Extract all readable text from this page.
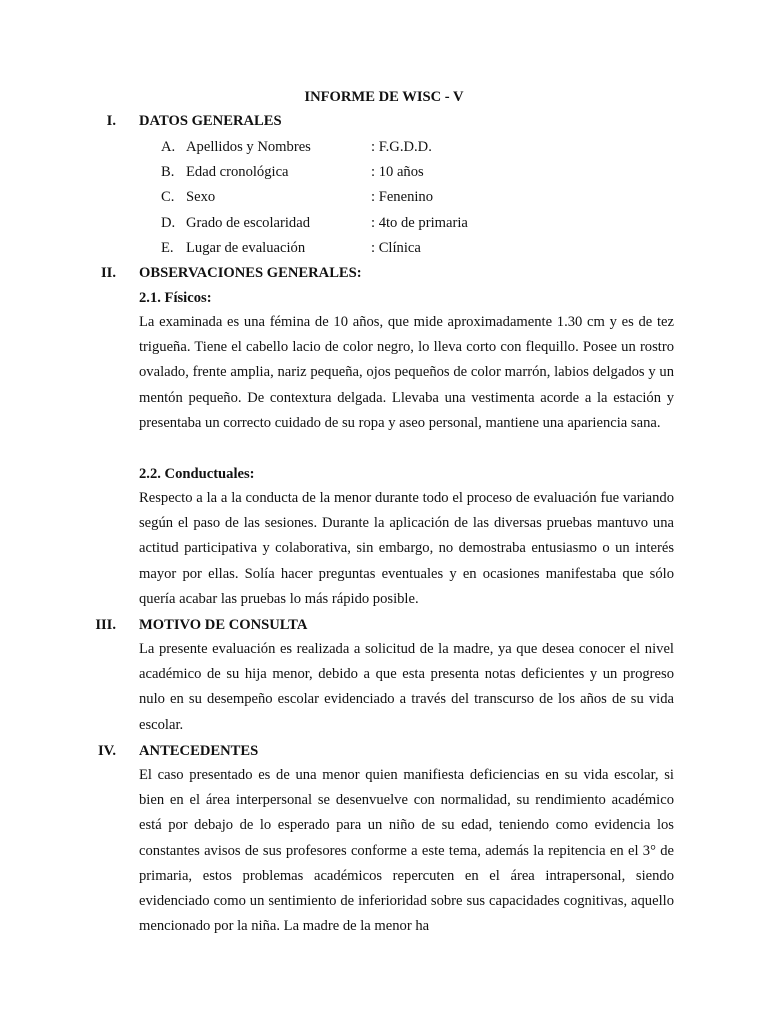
INFORME DE WISC - V
I. DATOS GENERALES
A. Apellidos y Nombres	: F.G.D.D.
B. Edad cronológica	: 10 años
C. Sexo	: Fenenino
D. Grado de escolaridad	: 4to de primaria
E. Lugar de evaluación	: Clínica
II. OBSERVACIONES GENERALES:
2.1. Físicos:

La examinada es una fémina de 10 años, que mide aproximadamente 1.30 cm y es de tez trigueña. Tiene el cabello lacio de color negro, lo lleva corto con flequillo. Posee un rostro ovalado, frente amplia, nariz pequeña, ojos pequeños de color marrón, labios delgados y un mentón pequeño. De contextura delgada. Llevaba una vestimenta acorde a la estación y presentaba un correcto cuidado de su ropa y aseo personal, mantiene una apariencia sana.

2.2. Conductuales:

Respecto a la a la conducta de la menor durante todo el proceso de evaluación fue variando según el paso de las sesiones. Durante la aplicación de las diversas pruebas mantuvo una actitud participativa y colaborativa, sin embargo, no demostraba entusiasmo o un interés mayor por ellas. Solía hacer preguntas eventuales y en ocasiones manifestaba que sólo quería acabar las pruebas lo más rápido posible.

III. MOTIVO DE CONSULTA

La presente evaluación es realizada a solicitud de la madre, ya que desea conocer el nivel académico de su hija menor, debido a que esta presenta notas deficientes y un progreso nulo en su desempeño escolar evidenciado a través del transcurso de los años de su vida escolar.

IV. ANTECEDENTES

El caso presentado es de una menor quien manifiesta deficiencias en su vida escolar, si bien en el área interpersonal se desenvuelve con normalidad, su rendimiento académico está por debajo de lo esperado para un niño de su edad, teniendo como evidencia los constantes avisos de sus profesores conforme a este tema, además la repitencia en el 3° de primaria, estos problemas académicos repercuten en el área intrapersonal, siendo evidenciado como un sentimiento de inferioridad sobre sus capacidades cognitivas, aquello mencionado por la niña. La madre de la menor ha
